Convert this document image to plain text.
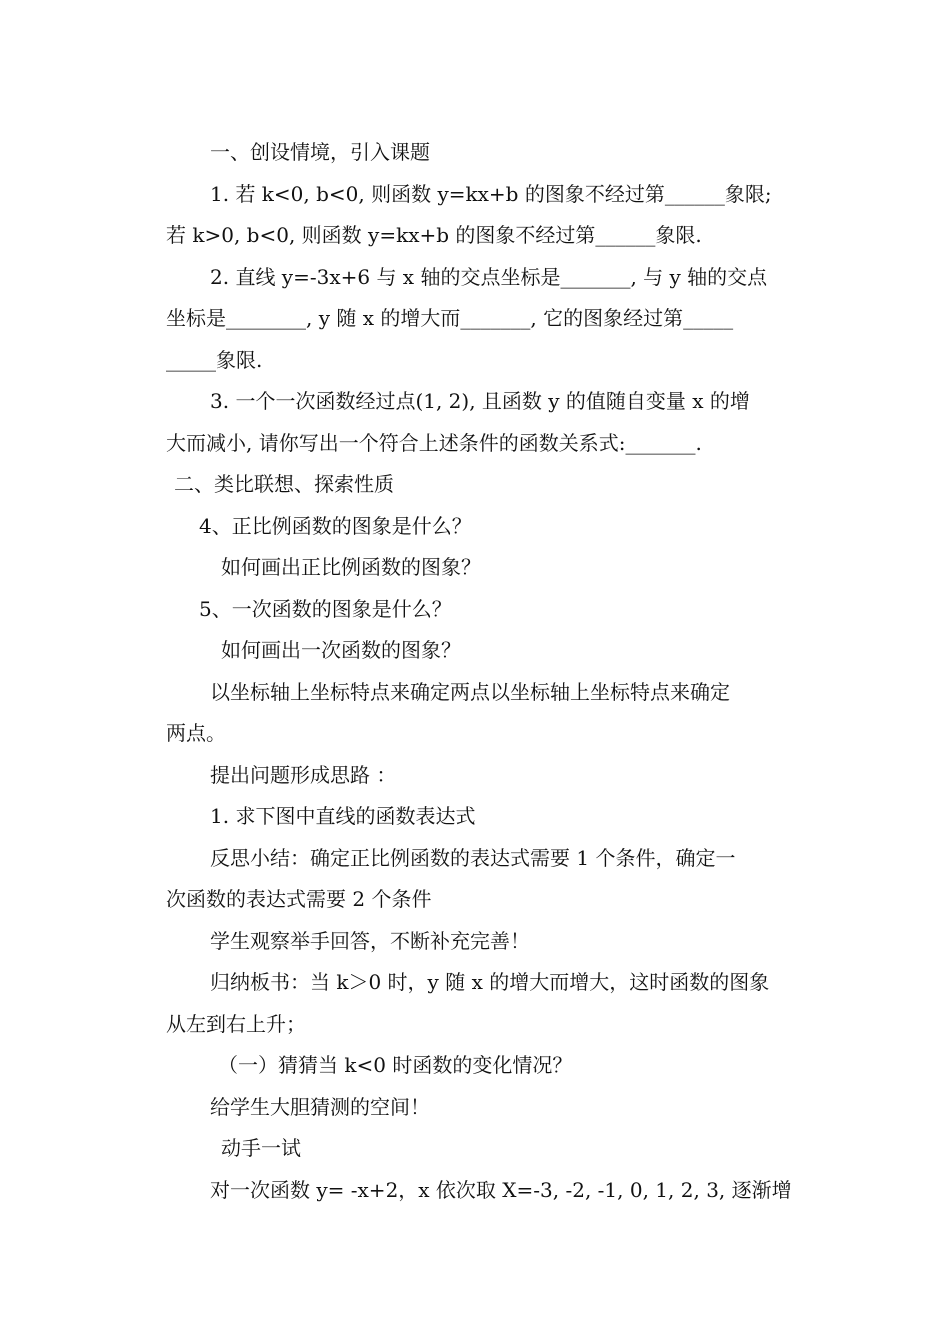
一、创设情境，引入课题
1. 若 k<0, b<0, 则函数 y=kx+b 的图象不经过第______象限;
若 k>0, b<0, 则函数 y=kx+b 的图象不经过第______象限.
2. 直线 y=-3x+6 与 x 轴的交点坐标是_______, 与 y 轴的交点
坐标是________, y 随 x 的增大而_______, 它的图象经过第_____
_____象限.
3. 一个一次函数经过点(1, 2), 且函数 y 的值随自变量 x 的增
大而减小, 请你写出一个符合上述条件的函数关系式:_______.
二、类比联想、探索性质
4、正比例函数的图象是什么？
如何画出正比例函数的图象？
5、一次函数的图象是什么？
如何画出一次函数的图象？
以坐标轴上坐标特点来确定两点以坐标轴上坐标特点来确定
两点。
提出问题形成思路 ：
1. 求下图中直线的函数表达式
反思小结：确定正比例函数的表达式需要 1 个条件，确定一
次函数的表达式需要 2 个条件
学生观察举手回答，不断补充完善！
归纳板书：当 k＞0 时，y 随 x 的增大而增大，这时函数的图象
从左到右上升；
（一）猜猜当 k<0 时函数的变化情况？
给学生大胆猜测的空间！
动手一试
对一次函数 y= -x+2，x 依次取 X=-3, -2, -1, 0, 1, 2, 3, 逐渐增
